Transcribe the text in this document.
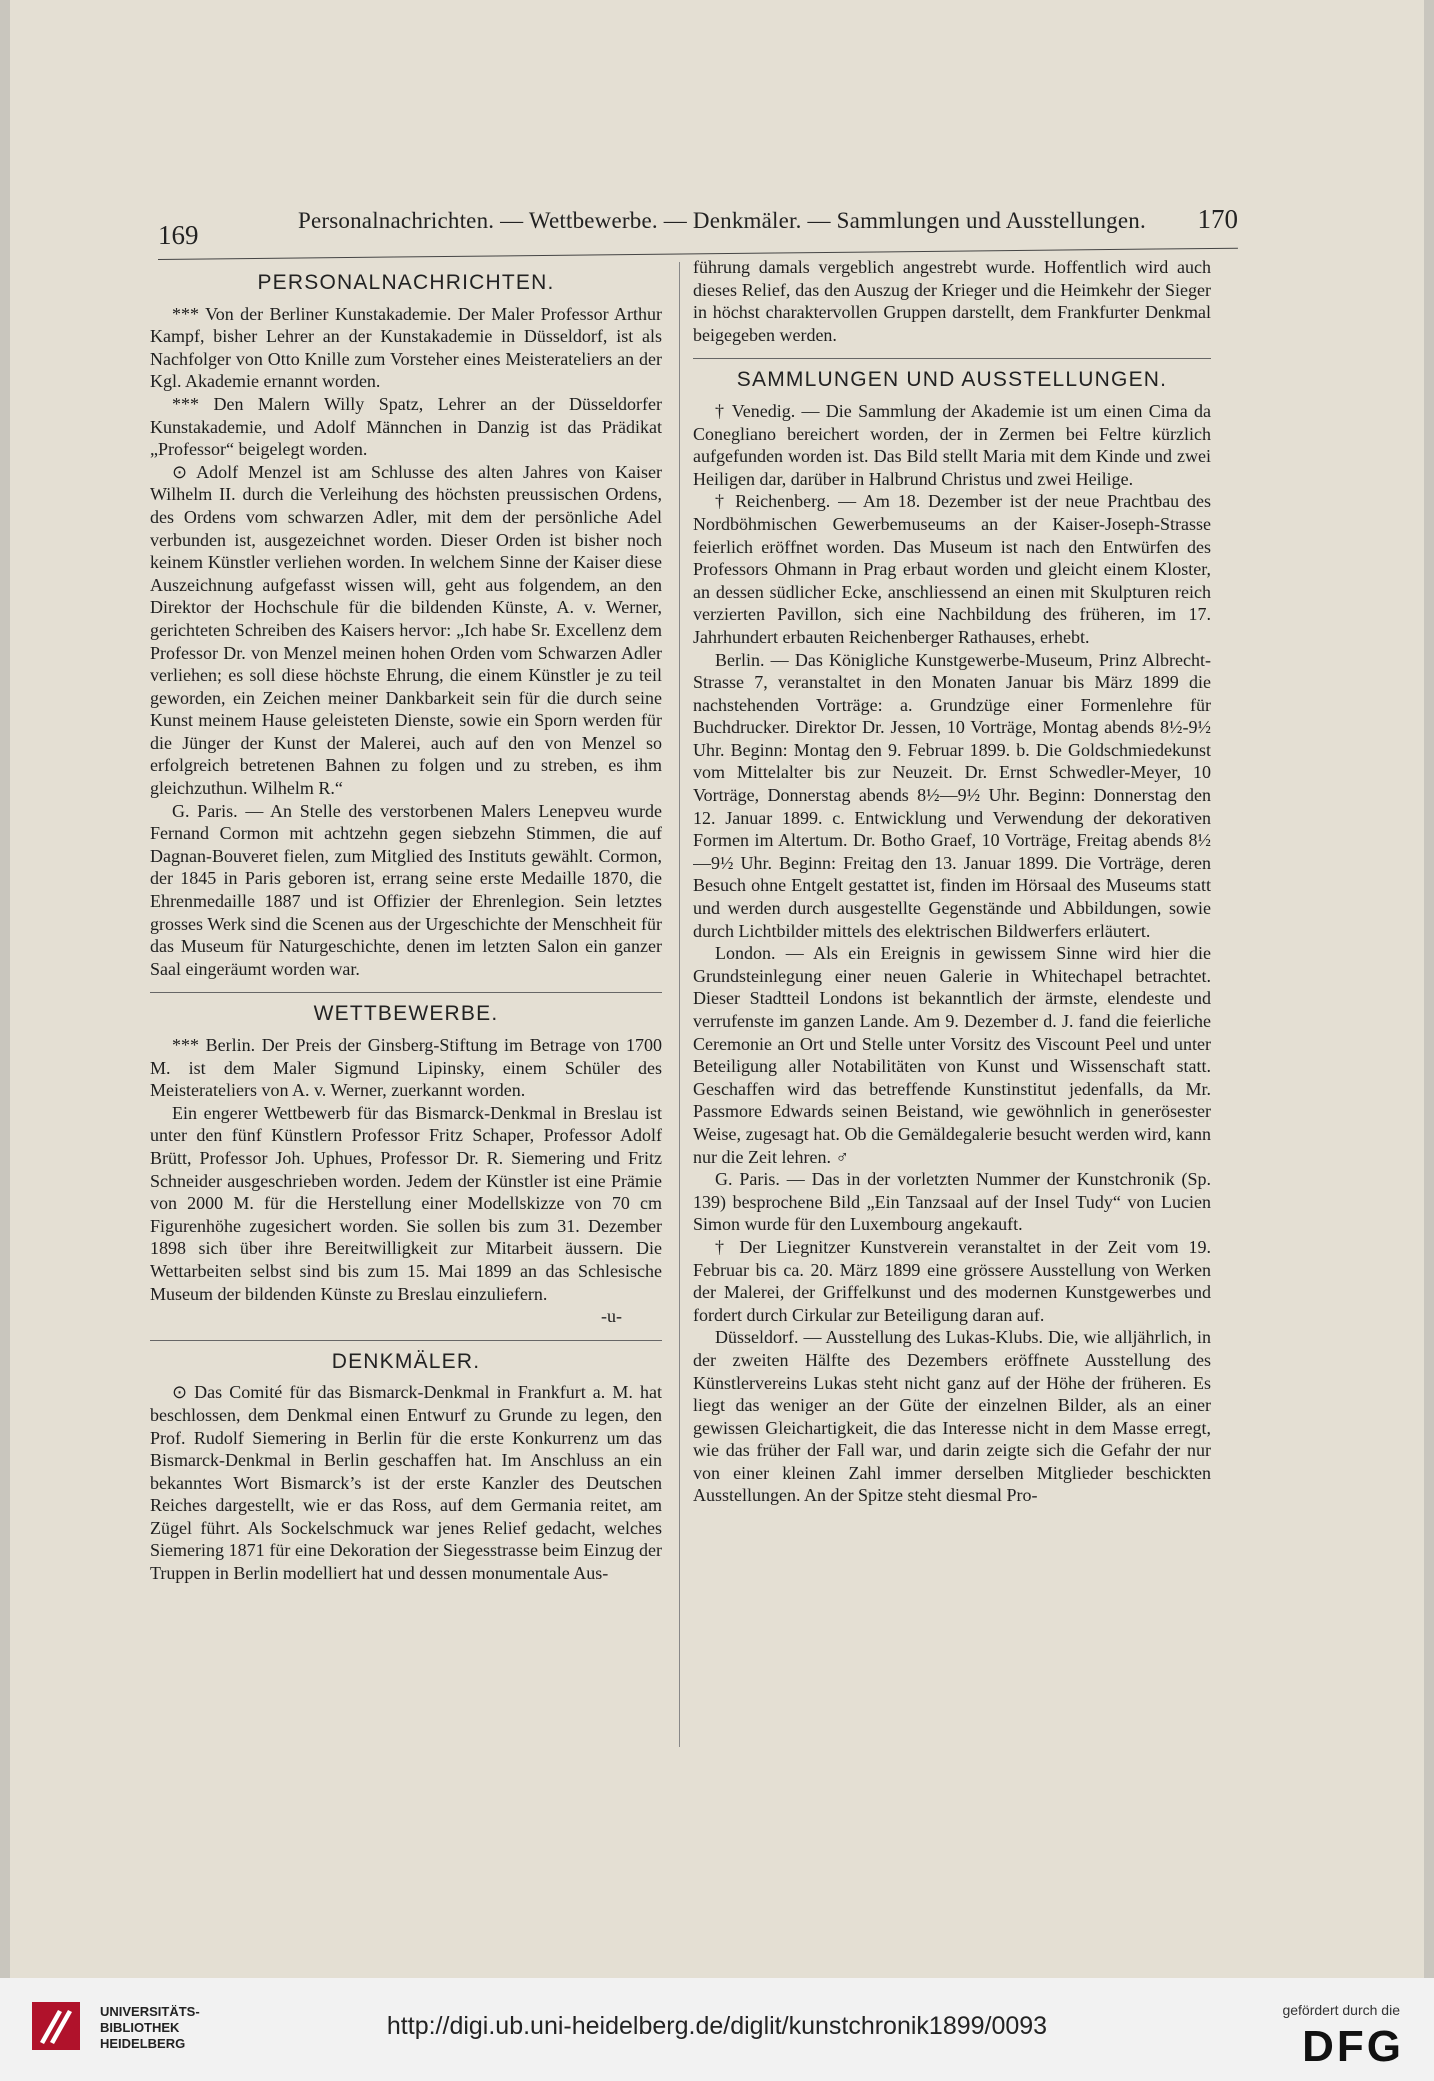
169	Personalnachrichten. — Wettbewerbe. — Denkmäler. — Sammlungen und Ausstellungen. 170
PERSONALNACHRICHTEN.

*** Von der Berliner Kunstakademie. Der Maler Professor Arthur Kampf, bisher Lehrer an der Kunstakademie in Düsseldorf, ist als Nachfolger von Otto Knille zum Vorsteher eines Meisterateliers an der Kgl. Akademie ernannt worden.

*** Den Malern Willy Spatz, Lehrer an der Düsseldorfer Kunstakademie, und Adolf Männchen in Danzig ist das Prädikat „Professor“ beigelegt worden.

⊙ Adolf Menzel ist am Schlusse des alten Jahres von Kaiser Wilhelm II. durch die Verleihung des höchsten preussischen Ordens, des Ordens vom schwarzen Adler, mit dem der persönliche Adel verbunden ist, ausgezeichnet worden. Dieser Orden ist bisher noch keinem Künstler verliehen worden. In welchem Sinne der Kaiser diese Auszeichnung aufgefasst wissen will, geht aus folgendem, an den Direktor der Hochschule für die bildenden Künste, A. v. Werner, gerichteten Schreiben des Kaisers hervor: „Ich habe Sr. Excellenz dem Professor Dr. von Menzel meinen hohen Orden vom Schwarzen Adler verliehen; es soll diese höchste Ehrung, die einem Künstler je zu teil geworden, ein Zeichen meiner Dankbarkeit sein für die durch seine Kunst meinem Hause geleisteten Dienste, sowie ein Sporn werden für die Jünger der Kunst der Malerei, auch auf den von Menzel so erfolgreich betretenen Bahnen zu folgen und zu streben, es ihm gleichzuthun. Wilhelm R.“

G. Paris. — An Stelle des verstorbenen Malers Lenepveu wurde Fernand Cormon mit achtzehn gegen siebzehn Stimmen, die auf Dagnan-Bouveret fielen, zum Mitglied des Instituts gewählt. Cormon, der 1845 in Paris geboren ist, errang seine erste Medaille 1870, die Ehrenmedaille 1887 und ist Offizier der Ehrenlegion. Sein letztes grosses Werk sind die Scenen aus der Urgeschichte der Menschheit für das Museum für Naturgeschichte, denen im letzten Salon ein ganzer Saal eingeräumt worden war.

WETTBEWERBE.

*** Berlin. Der Preis der Ginsberg-Stiftung im Betrage von 1700 M. ist dem Maler Sigmund Lipinsky, einem Schüler des Meisterateliers von A. v. Werner, zuerkannt worden.

Ein engerer Wettbewerb für das Bismarck-Denkmal in Breslau ist unter den fünf Künstlern Professor Fritz Schaper, Professor Adolf Brütt, Professor Joh. Uphues, Professor Dr. R. Siemering und Fritz Schneider ausgeschrieben worden. Jedem der Künstler ist eine Prämie von 2000 M. für die Herstellung einer Modellskizze von 70 cm Figurenhöhe zugesichert worden. Sie sollen bis zum 31. Dezember 1898 sich über ihre Bereitwilligkeit zur Mitarbeit äussern. Die Wettarbeiten selbst sind bis zum 15. Mai 1899 an das Schlesische Museum der bildenden Künste zu Breslau einzuliefern.

-u-

DENKMÄLER.

⊙ Das Comité für das Bismarck-Denkmal in Frankfurt a. M. hat beschlossen, dem Denkmal einen Entwurf zu Grunde zu legen, den Prof. Rudolf Siemering in Berlin für die erste Konkurrenz um das Bismarck-Denkmal in Berlin geschaffen hat. Im Anschluss an ein bekanntes Wort Bismarck’s ist der erste Kanzler des Deutschen Reiches dargestellt, wie er das Ross, auf dem Germania reitet, am Zügel führt. Als Sockelschmuck war jenes Relief gedacht, welches Siemering 1871 für eine Dekoration der Siegesstrasse beim Einzug der Truppen in Berlin modelliert hat und dessen monumentale Aus-

führung damals vergeblich angestrebt wurde. Hoffentlich wird auch dieses Relief, das den Auszug der Krieger und die Heimkehr der Sieger in höchst charaktervollen Gruppen darstellt, dem Frankfurter Denkmal beigegeben werden.

SAMMLUNGEN UND AUSSTELLUNGEN.

† Venedig. — Die Sammlung der Akademie ist um einen Cima da Conegliano bereichert worden, der in Zermen bei Feltre kürzlich aufgefunden worden ist. Das Bild stellt Maria mit dem Kinde und zwei Heiligen dar, darüber in Halbrund Christus und zwei Heilige.

† Reichenberg. — Am 18. Dezember ist der neue Prachtbau des Nordböhmischen Gewerbemuseums an der Kaiser-Joseph-Strasse feierlich eröffnet worden. Das Museum ist nach den Entwürfen des Professors Ohmann in Prag erbaut worden und gleicht einem Kloster, an dessen südlicher Ecke, anschliessend an einen mit Skulpturen reich verzierten Pavillon, sich eine Nachbildung des früheren, im 17. Jahrhundert erbauten Reichenberger Rathauses, erhebt.

Berlin. — Das Königliche Kunstgewerbe-Museum, Prinz Albrecht-Strasse 7, veranstaltet in den Monaten Januar bis März 1899 die nachstehenden Vorträge: a. Grundzüge einer Formenlehre für Buchdrucker. Direktor Dr. Jessen, 10 Vorträge, Montag abends 8½-9½ Uhr. Beginn: Montag den 9. Februar 1899. b. Die Goldschmiedekunst vom Mittelalter bis zur Neuzeit. Dr. Ernst Schwedler-Meyer, 10 Vorträge, Donnerstag abends 8½—9½ Uhr. Beginn: Donnerstag den 12. Januar 1899. c. Entwicklung und Verwendung der dekorativen Formen im Altertum. Dr. Botho Graef, 10 Vorträge, Freitag abends 8½—9½ Uhr. Beginn: Freitag den 13. Januar 1899. Die Vorträge, deren Besuch ohne Entgelt gestattet ist, finden im Hörsaal des Museums statt und werden durch ausgestellte Gegenstände und Abbildungen, sowie durch Lichtbilder mittels des elektrischen Bildwerfers erläutert.

London. — Als ein Ereignis in gewissem Sinne wird hier die Grundsteinlegung einer neuen Galerie in Whitechapel betrachtet. Dieser Stadtteil Londons ist bekanntlich der ärmste, elendeste und verrufenste im ganzen Lande. Am 9. Dezember d. J. fand die feierliche Ceremonie an Ort und Stelle unter Vorsitz des Viscount Peel und unter Beteiligung aller Notabilitäten von Kunst und Wissenschaft statt. Geschaffen wird das betreffende Kunstinstitut jedenfalls, da Mr. Passmore Edwards seinen Beistand, wie gewöhnlich in generösester Weise, zugesagt hat. Ob die Gemäldegalerie besucht werden wird, kann nur die Zeit lehren. ♂

G. Paris. — Das in der vorletzten Nummer der Kunstchronik (Sp. 139) besprochene Bild „Ein Tanzsaal auf der Insel Tudy“ von Lucien Simon wurde für den Luxembourg angekauft.

† Der Liegnitzer Kunstverein veranstaltet in der Zeit vom 19. Februar bis ca. 20. März 1899 eine grössere Ausstellung von Werken der Malerei, der Griffelkunst und des modernen Kunstgewerbes und fordert durch Cirkular zur Beteiligung daran auf.

Düsseldorf. — Ausstellung des Lukas-Klubs. Die, wie alljährlich, in der zweiten Hälfte des Dezembers eröffnete Ausstellung des Künstlervereins Lukas steht nicht ganz auf der Höhe der früheren. Es liegt das weniger an der Güte der einzelnen Bilder, als an einer gewissen Gleichartigkeit, die das Interesse nicht in dem Masse erregt, wie das früher der Fall war, und darin zeigte sich die Gefahr der nur von einer kleinen Zahl immer derselben Mitglieder beschickten Ausstellungen. An der Spitze steht diesmal Pro-

UNIVERSITÄTS-
BIBLIOTHEK
HEIDELBERG
http://digi.ub.uni-heidelberg.de/diglit/kunstchronik1899/0093
gefördert durch die
DFG
